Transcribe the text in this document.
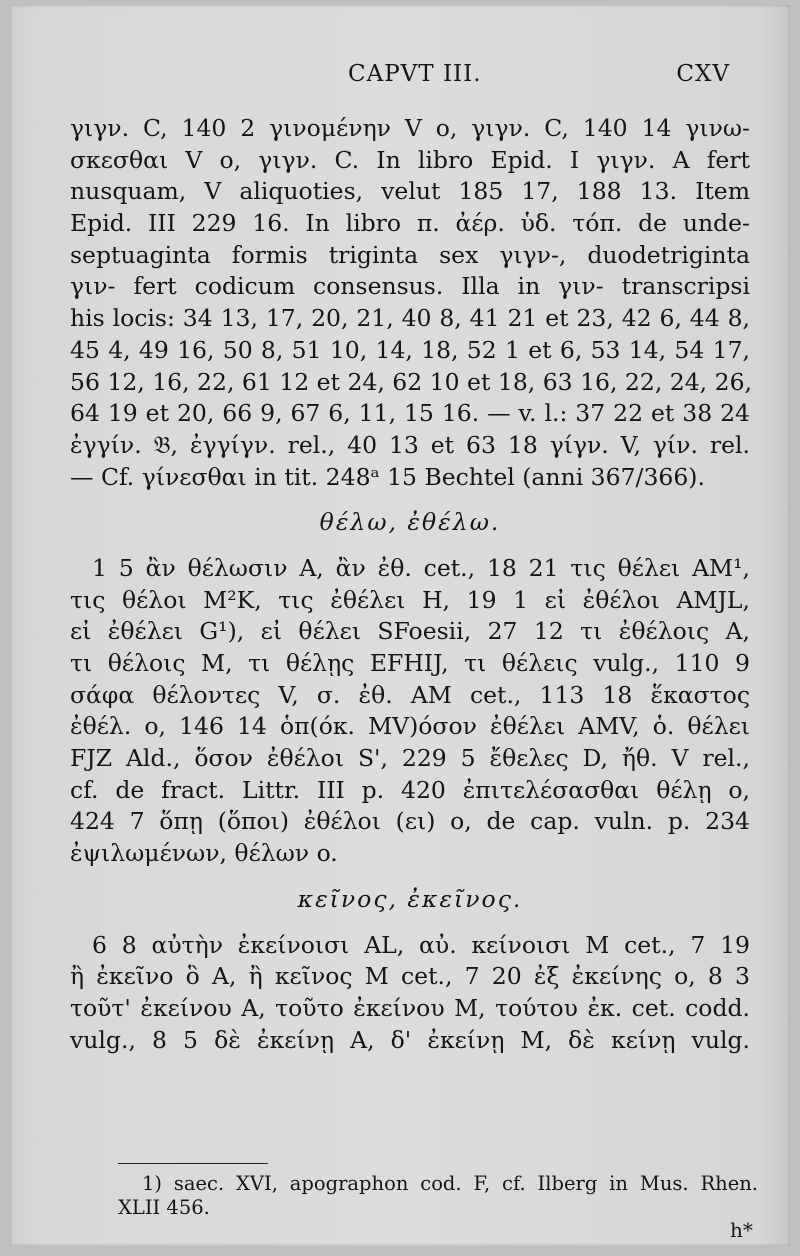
CAPVT III.	CXV
γιγν. C, 140 2 γινομένην V o, γιγν. C, 140 14 γινω-
σκεσθαι V o, γιγν. C. In libro Epid. I γιγν. A fert
nusquam, V aliquoties, velut 185 17, 188 13. Item
Epid. III 229 16. In libro π. ἀέρ. ὑδ. τόπ. de unde-
septuaginta formis triginta sex γιγν-, duodetriginta
γιν- fert codicum consensus. Illa in γιν- transcripsi
his locis: 34 13, 17, 20, 21, 40 8, 41 21 et 23, 42 6, 44 8,
45 4, 49 16, 50 8, 51 10, 14, 18, 52 1 et 6, 53 14, 54 17,
56 12, 16, 22, 61 12 et 24, 62 10 et 18, 63 16, 22, 24, 26,
64 19 et 20, 66 9, 67 6, 11, 15 16. — v. l.: 37 22 et 38 24
ἐγγίν. 𝔅, ἐγγίγν. rel., 40 13 et 63 18 γίγν. V, γίν. rel.
— Cf. γίνεσθαι in tit. 248ᵃ 15 Bechtel (anni 367/366).
θέλω, ἐθέλω.
1 5 ἂν θέλωσιν A, ἂν ἐθ. cet., 18 21 τις θέλει AM¹,
τις θέλοι M²K, τις ἐθέλει H, 19 1 εἰ ἐθέλοι AMJL,
εἰ ἐθέλει G¹), εἰ θέλει SFoesii, 27 12 τι ἐθέλοις A,
τι θέλοις M, τι θέλῃς EFHIJ, τι θέλεις vulg., 110 9
σάφα θέλοντες V, σ. ἐθ. AM cet., 113 18 ἕκαστος
ἐθέλ. o, 146 14 ὁπ(όκ. MV)όσον ἐθέλει AMV, ὁ. θέλει
FJZ Ald., ὅσον ἐθέλοι S', 229 5 ἔθελες D, ἤθ. V rel.,
cf. de fract. Littr. III p. 420 ἐπιτελέσασθαι θέλῃ o,
424 7 ὅπῃ (ὅποι) ἐθέλοι (ει) o, de cap. vuln. p. 234
ἐψιλωμένων, θέλων o.
κεῖνος, ἐκεῖνος.
6 8 αὐτὴν ἐκείνοισι AL, αὐ. κείνοισι M cet., 7 19
ἢ ἐκεῖνο ὃ A, ἢ κεῖνος M cet., 7 20 ἐξ ἐκείνης o, 8 3
τοῦτ' ἐκείνου A, τοῦτο ἐκείνου M, τούτου ἐκ. cet. codd.
vulg., 8 5 δὲ ἐκείνῃ A, δ' ἐκείνῃ M, δὲ κείνῃ vulg.
1) saec. XVI, apographon cod. F, cf. Ilberg in Mus. Rhen.
XLII 456.
h*
